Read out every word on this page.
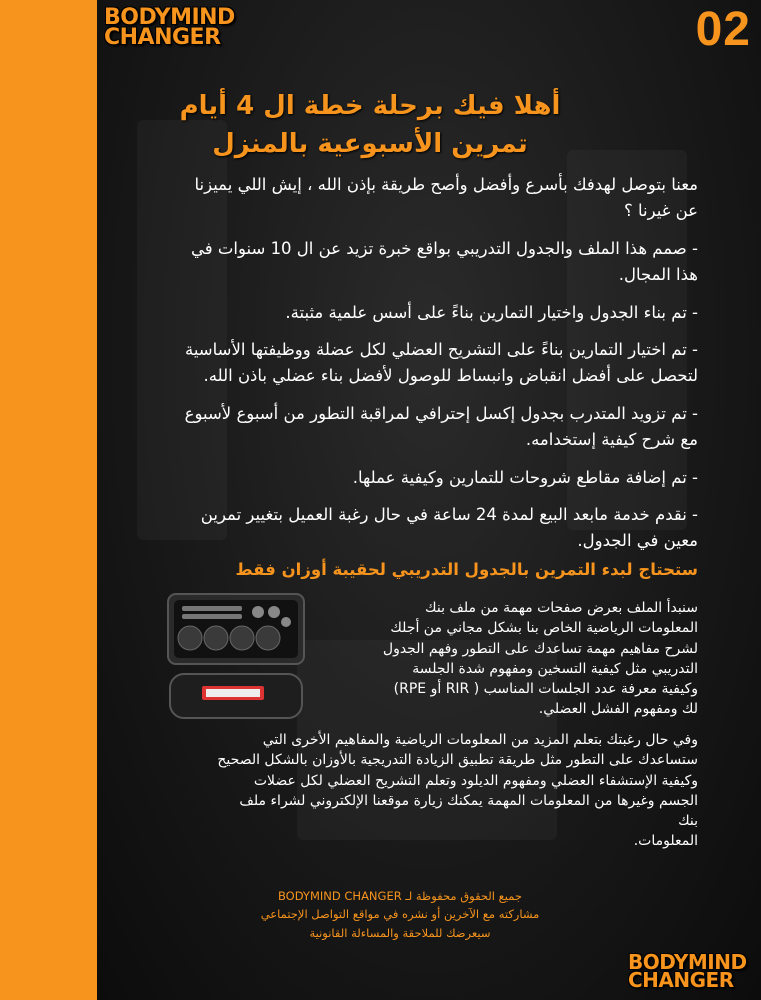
BODYMIND
CHANGER	02
أهلا فيك برحلة خطة ال 4 أيام
تمرين الأسبوعية بالمنزل

معنا بتوصل لهدفك بأسرع وأفضل وأصح طريقة بإذن الله ، إيش اللي يميزنا عن غيرنا ؟

- صمم هذا الملف والجدول التدريبي بواقع خبرة تزيد عن ال 10 سنوات في هذا المجال.

- تم بناء الجدول واختيار التمارين بناءً على أسس علمية مثبتة.

- تم اختيار التمارين بناءً على التشريح العضلي لكل عضلة ووظيفتها الأساسية لتحصل على أفضل انقباض وانبساط للوصول لأفضل بناء عضلي باذن الله.

- تم تزويد المتدرب بجدول إكسل إحترافي لمراقبة التطور من أسبوع لأسبوع مع شرح كيفية إستخدامه.

- تم إضافة مقاطع شروحات للتمارين وكيفية عملها.

- نقدم خدمة مابعد البيع لمدة 24 ساعة في حال رغبة العميل بتغيير تمرين معين في الجدول.

ستحتاج لبدء التمرين بالجدول التدريبي لحقيبة أوزان فقط

سنبدأ الملف بعرض صفحات مهمة من ملف بنك

المعلومات الرياضية الخاص بنا بشكل مجاني من أجلك

لشرح مفاهيم مهمة تساعدك على التطور وفهم الجدول

التدريبي مثل كيفية التسخين ومفهوم شدة الجلسة

وكيفية معرفة عدد الجلسات المناسب ( RIR أو RPE)

لك ومفهوم الفشل العضلي.

وفي حال رغبتك بتعلم المزيد من المعلومات الرياضية والمفاهيم الأخرى التي

ستساعدك على التطور مثل طريقة تطبيق الزيادة التدريجية بالأوزان بالشكل الصحيح

وكيفية الإستشفاء العضلي ومفهوم الديلود وتعلم التشريح العضلي لكل عضلات

الجسم وغيرها من المعلومات المهمة يمكنك زيارة موقعنا الإلكتروني لشراء ملف

بنك

المعلومات.

جميع الحقوق محفوظة لـ BODYMIND CHANGER

مشاركته مع الآخرين أو نشره في مواقع التواصل الإجتماعي

سيعرضك للملاحقة والمساءلة القانونية

BODYMIND
CHANGER
